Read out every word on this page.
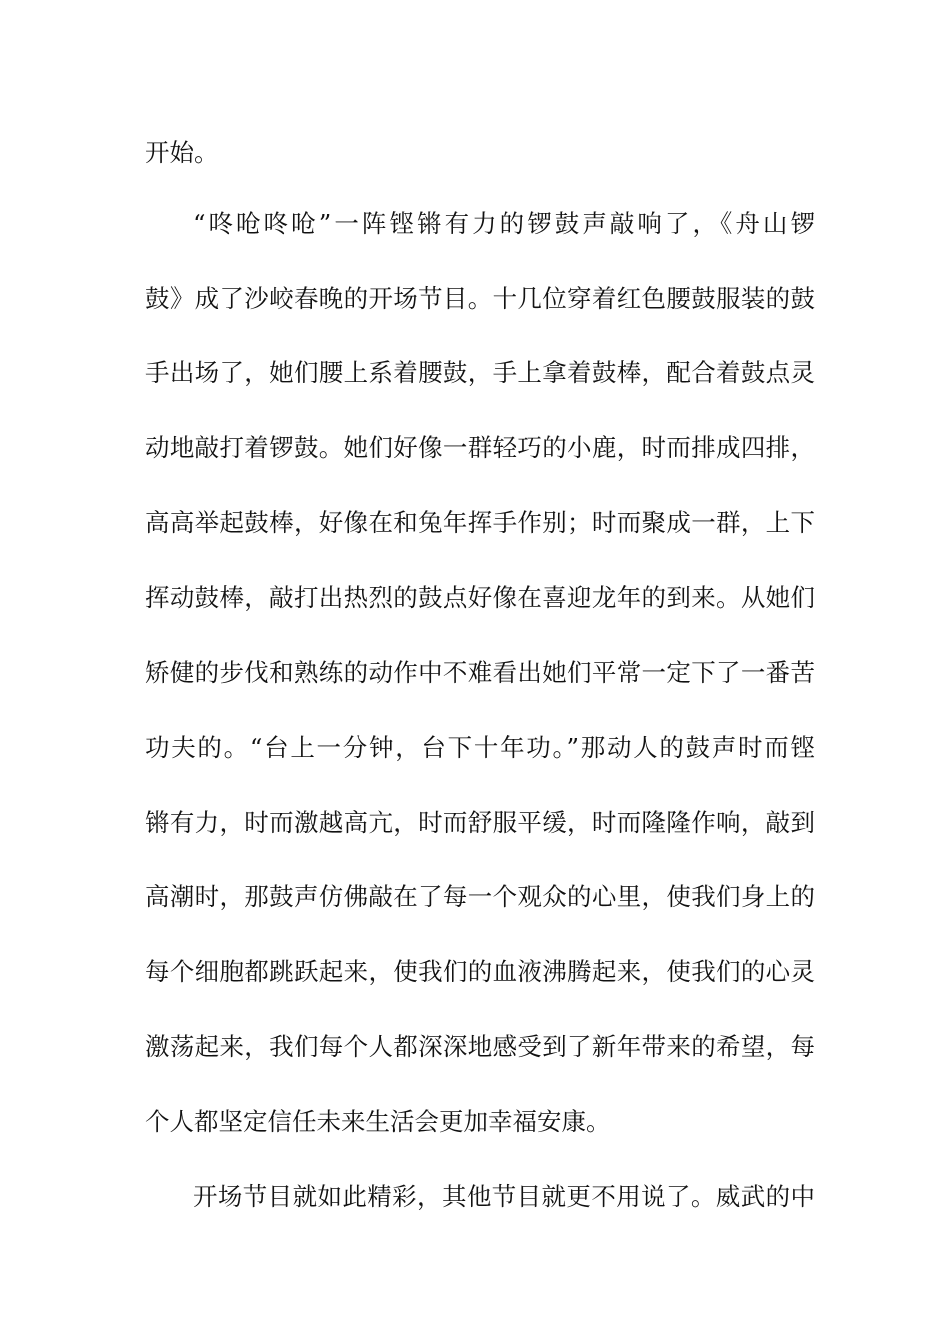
开始。
“咚呛咚呛”一阵铿锵有力的锣鼓声敲响了，《舟山锣
鼓》成了沙峧春晚的开场节目。十几位穿着红色腰鼓服装的鼓
手出场了，她们腰上系着腰鼓，手上拿着鼓棒，配合着鼓点灵
动地敲打着锣鼓。她们好像一群轻巧的小鹿，时而排成四排，
高高举起鼓棒，好像在和兔年挥手作别；时而聚成一群，上下
挥动鼓棒，敲打出热烈的鼓点好像在喜迎龙年的到来。从她们
矫健的步伐和熟练的动作中不难看出她们平常一定下了一番苦
功夫的。“台上一分钟，台下十年功。”那动人的鼓声时而铿
锵有力，时而激越高亢，时而舒服平缓，时而隆隆作响，敲到
高潮时，那鼓声仿佛敲在了每一个观众的心里，使我们身上的
每个细胞都跳跃起来，使我们的血液沸腾起来，使我们的心灵
激荡起来，我们每个人都深深地感受到了新年带来的希望，每
个人都坚定信任未来生活会更加幸福安康。
开场节目就如此精彩，其他节目就更不用说了。威武的中
